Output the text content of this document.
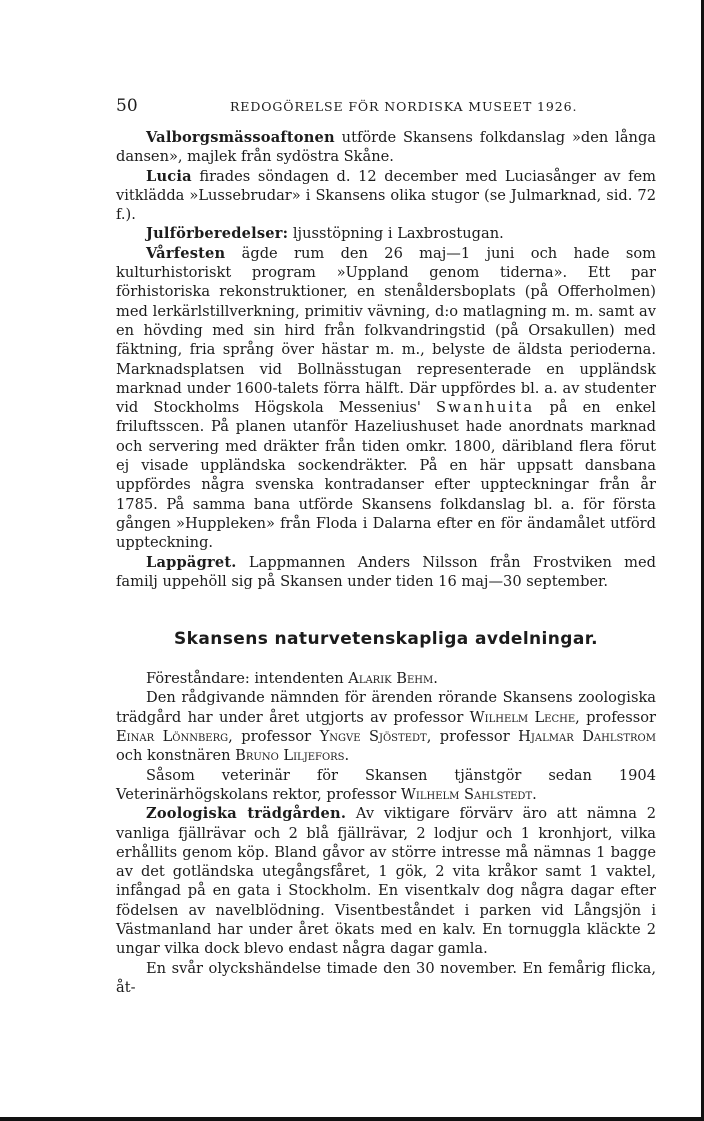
50	REDOGÖRELSE FÖR NORDISKA MUSEET 1926.

Valborgsmässoaftonen utförde Skansens folkdanslag »den långa dansen», majlek från sydöstra Skåne.

Lucia firades söndagen d. 12 december med Luciasånger av fem vitklädda »Lussebrudar» i Skansens olika stugor (se Julmarknad, sid. 72 f.).

Julförberedelser: ljusstöpning i Laxbrostugan.

Vårfesten ägde rum den 26 maj—1 juni och hade som kulturhistoriskt program »Uppland genom tiderna». Ett par förhistoriska rekonstruktioner, en stenåldersboplats (på Offerholmen) med lerkärlstillverkning, primitiv vävning, d:o matlagning m. m. samt av en hövding med sin hird från folkvandringstid (på Orsakullen) med fäktning, fria språng över hästar m. m., belyste de äldsta perioderna. Marknadsplatsen vid Bollnässtugan representerade en uppländsk marknad under 1600-talets förra hälft. Där uppfördes bl. a. av studenter vid Stockholms Högskola Messenius' Swanhuita på en enkel friluftsscen. På planen utanför Hazeliushuset hade anordnats marknad och servering med dräkter från tiden omkr. 1800, däribland flera förut ej visade uppländska sockendräkter. På en här uppsatt dansbana uppfördes några svenska kontradanser efter uppteckningar från år 1785. På samma bana utförde Skansens folkdanslag bl. a. för första gången »Huppleken» från Floda i Dalarna efter en för ändamålet utförd uppteckning.

Lappägret. Lappmannen Anders Nilsson från Frostviken med familj uppehöll sig på Skansen under tiden 16 maj—30 september.

Skansens naturvetenskapliga avdelningar.

Föreståndare: intendenten Alarik Behm.

Den rådgivande nämnden för ärenden rörande Skansens zoologiska trädgård har under året utgjorts av professor Wilhelm Leche, professor Einar Lönnberg, professor Yngve Sjöstedt, professor Hjalmar Dahlstrom och konstnären Bruno Liljefors.

Såsom veterinär för Skansen tjänstgör sedan 1904 Veterinärhögskolans rektor, professor Wilhelm Sahlstedt.

Zoologiska trädgården. Av viktigare förvärv äro att nämna 2 vanliga fjällrävar och 2 blå fjällrävar, 2 lodjur och 1 kronhjort, vilka erhållits genom köp. Bland gåvor av större intresse må nämnas 1 bagge av det gotländska utegångsfåret, 1 gök, 2 vita kråkor samt 1 vaktel, infångad på en gata i Stockholm. En visentkalv dog några dagar efter födelsen av navelblödning. Visentbeståndet i parken vid Långsjön i Västmanland har under året ökats med en kalv. En tornuggla kläckte 2 ungar vilka dock blevo endast några dagar gamla.

En svår olyckshändelse timade den 30 november. En femårig flicka, åt-
